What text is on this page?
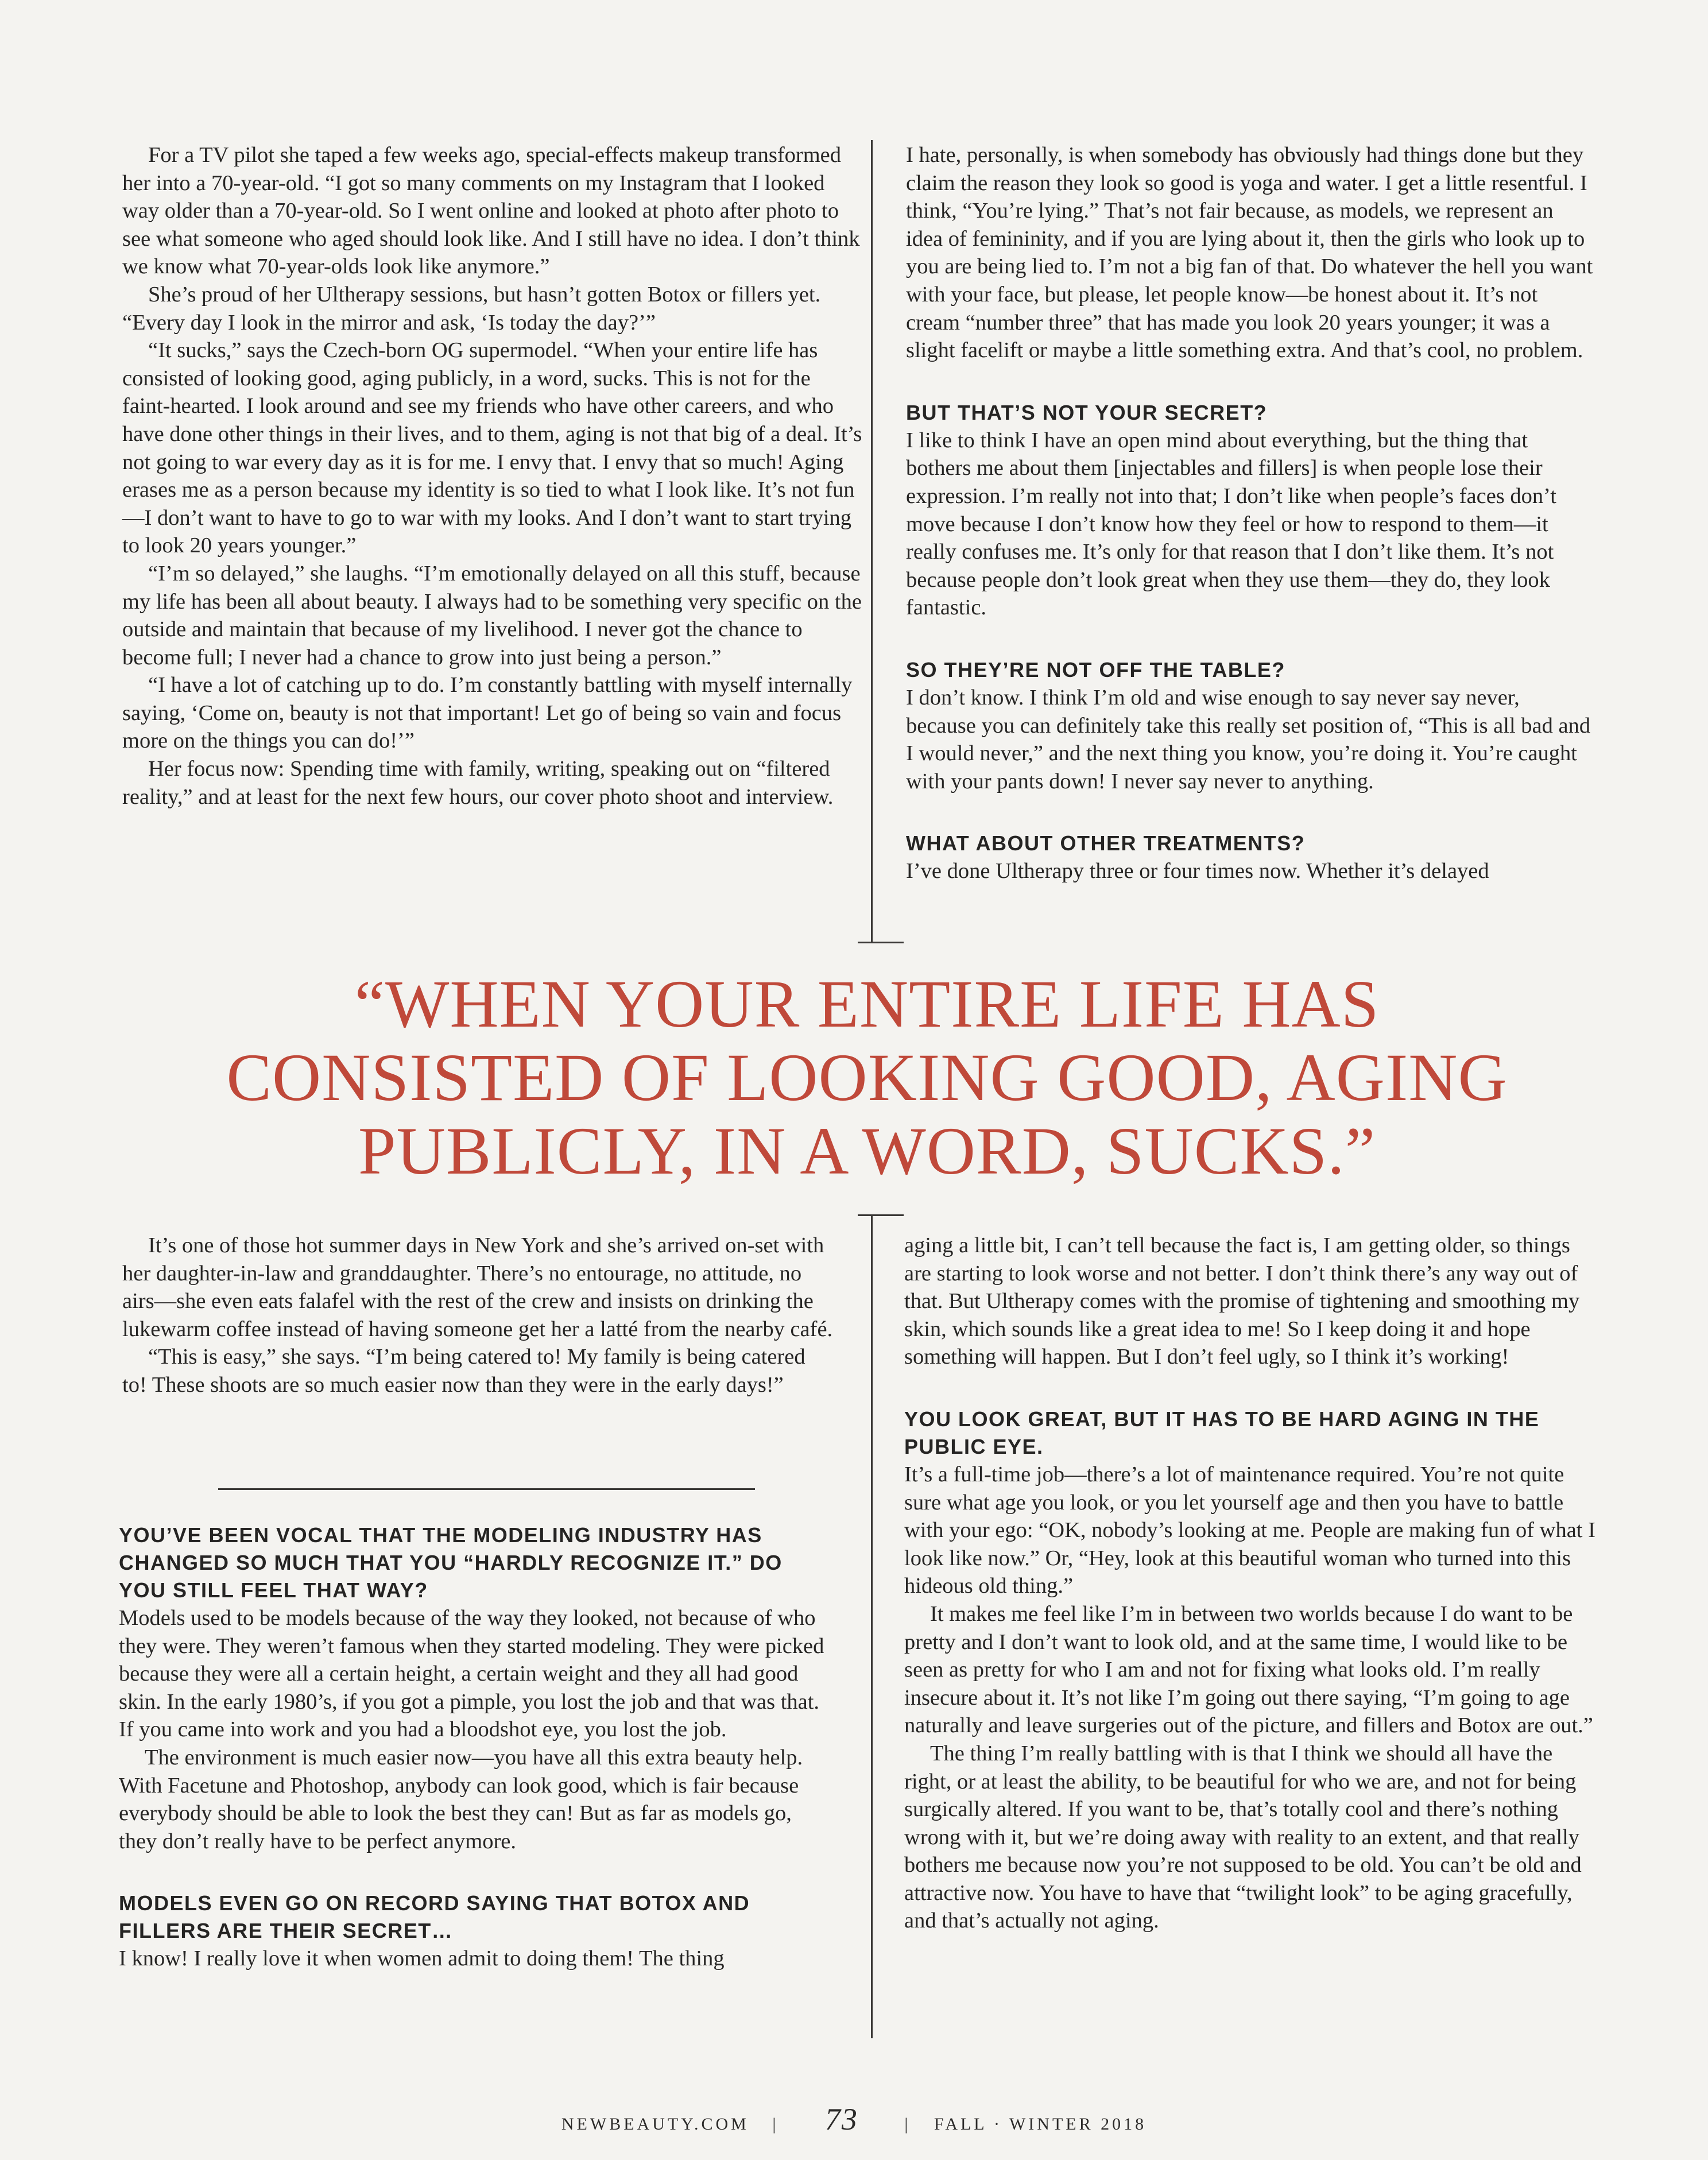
For a TV pilot she taped a few weeks ago, special-effects makeup transformed her into a 70-year-old. “I got so many comments on my Instagram that I looked way older than a 70-year-old. So I went online and looked at photo after photo to see what someone who aged should look like. And I still have no idea. I don’t think we know what 70-year-olds look like anymore.”

She’s proud of her Ultherapy sessions, but hasn’t gotten Botox or fillers yet. “Every day I look in the mirror and ask, ‘Is today the day?’”

“It sucks,” says the Czech-born OG supermodel. “When your entire life has consisted of looking good, aging publicly, in a word, sucks. This is not for the faint-hearted. I look around and see my friends who have other careers, and who have done other things in their lives, and to them, aging is not that big of a deal. It’s not going to war every day as it is for me. I envy that. I envy that so much! Aging erases me as a person because my identity is so tied to what I look like. It’s not fun—I don’t want to have to go to war with my looks. And I don’t want to start trying to look 20 years younger.”

“I’m so delayed,” she laughs. “I’m emotionally delayed on all this stuff, because my life has been all about beauty. I always had to be something very specific on the outside and maintain that because of my livelihood. I never got the chance to become full; I never had a chance to grow into just being a person.”

“I have a lot of catching up to do. I’m constantly battling with myself internally saying, ‘Come on, beauty is not that important! Let go of being so vain and focus more on the things you can do!’”

Her focus now: Spending time with family, writing, speaking out on “filtered reality,” and at least for the next few hours, our cover photo shoot and interview.

I hate, personally, is when somebody has obviously had things done but they claim the reason they look so good is yoga and water. I get a little resentful. I think, “You’re lying.” That’s not fair because, as models, we represent an idea of femininity, and if you are lying about it, then the girls who look up to you are being lied to. I’m not a big fan of that. Do whatever the hell you want with your face, but please, let people know—be honest about it. It’s not cream “number three” that has made you look 20 years younger; it was a slight facelift or maybe a little something extra. And that’s cool, no problem.

BUT THAT’S NOT YOUR SECRET?

I like to think I have an open mind about everything, but the thing that bothers me about them [injectables and fillers] is when people lose their expression. I’m really not into that; I don’t like when people’s faces don’t move because I don’t know how they feel or how to respond to them—it really confuses me. It’s only for that reason that I don’t like them. It’s not because people don’t look great when they use them—they do, they look fantastic.

SO THEY’RE NOT OFF THE TABLE?

I don’t know. I think I’m old and wise enough to say never say never, because you can definitely take this really set position of, “This is all bad and I would never,” and the next thing you know, you’re doing it. You’re caught with your pants down! I never say never to anything.

WHAT ABOUT OTHER TREATMENTS?

I’ve done Ultherapy three or four times now. Whether it’s delayed

“WHEN YOUR ENTIRE LIFE HAS
CONSISTED OF LOOKING GOOD, AGING
PUBLICLY, IN A WORD, SUCKS.”

It’s one of those hot summer days in New York and she’s arrived on-set with her daughter-in-law and granddaughter. There’s no entourage, no attitude, no airs—she even eats falafel with the rest of the crew and insists on drinking the lukewarm coffee instead of having someone get her a latté from the nearby café.

“This is easy,” she says. “I’m being catered to! My family is being catered to! These shoots are so much easier now than they were in the early days!”

YOU’VE BEEN VOCAL THAT THE MODELING INDUSTRY HAS CHANGED SO MUCH THAT YOU “HARDLY RECOGNIZE IT.” DO YOU STILL FEEL THAT WAY?

Models used to be models because of the way they looked, not because of who they were. They weren’t famous when they started modeling. They were picked because they were all a certain height, a certain weight and they all had good skin. In the early 1980’s, if you got a pimple, you lost the job and that was that. If you came into work and you had a bloodshot eye, you lost the job.

The environment is much easier now—you have all this extra beauty help. With Facetune and Photoshop, anybody can look good, which is fair because everybody should be able to look the best they can! But as far as models go, they don’t really have to be perfect anymore.

MODELS EVEN GO ON RECORD SAYING THAT BOTOX AND FILLERS ARE THEIR SECRET…

I know! I really love it when women admit to doing them! The thing

aging a little bit, I can’t tell because the fact is, I am getting older, so things are starting to look worse and not better. I don’t think there’s any way out of that. But Ultherapy comes with the promise of tightening and smoothing my skin, which sounds like a great idea to me! So I keep doing it and hope something will happen. But I don’t feel ugly, so I think it’s working!

YOU LOOK GREAT, BUT IT HAS TO BE HARD AGING IN THE PUBLIC EYE.

It’s a full-time job—there’s a lot of maintenance required. You’re not quite sure what age you look, or you let yourself age and then you have to battle with your ego: “OK, nobody’s looking at me. People are making fun of what I look like now.” Or, “Hey, look at this beautiful woman who turned into this hideous old thing.”

It makes me feel like I’m in between two worlds because I do want to be pretty and I don’t want to look old, and at the same time, I would like to be seen as pretty for who I am and not for fixing what looks old. I’m really insecure about it. It’s not like I’m going out there saying, “I’m going to age naturally and leave surgeries out of the picture, and fillers and Botox are out.”

The thing I’m really battling with is that I think we should all have the right, or at least the ability, to be beautiful for who we are, and not for being surgically altered. If you want to be, that’s totally cool and there’s nothing wrong with it, but we’re doing away with reality to an extent, and that really bothers me because now you’re not supposed to be old. You can’t be old and attractive now. You have to have that “twilight look” to be aging gracefully, and that’s actually not aging.

NEWBEAUTY.COM | 73	| FALL · WINTER 2018
